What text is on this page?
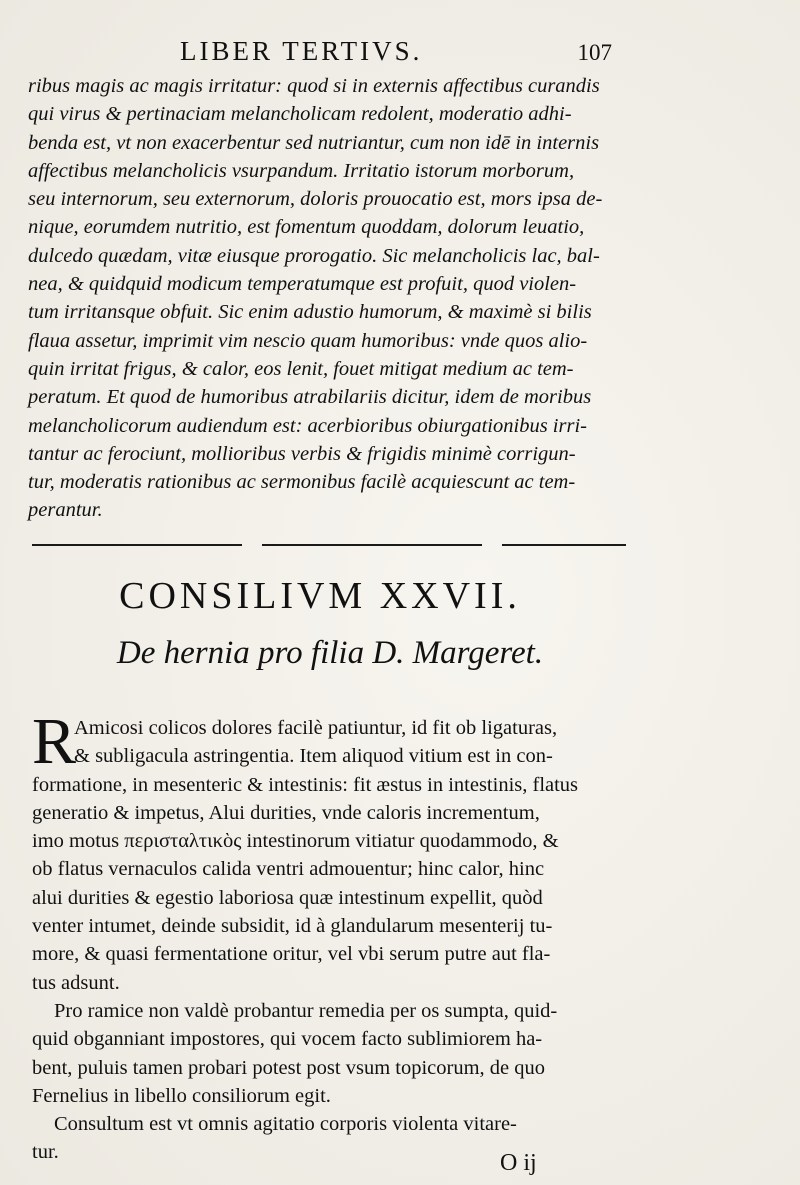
LIBER TERTIVS.	107
ribus magis ac magis irritatur: quod si in externis affectibus curandis
qui virus & pertinaciam melancholicam redolent, moderatio adhi-
benda est, vt non exacerbentur sed nutriantur, cum non idē in internis
affectibus melancholicis vsurpandum. Irritatio istorum morborum,
seu internorum, seu externorum, doloris prouocatio est, mors ipsa de-
nique, eorumdem nutritio, est fomentum quoddam, dolorum leuatio,
dulcedo quædam, vitæ eiusque prorogatio. Sic melancholicis lac, bal-
nea, & quidquid modicum temperatumque est profuit, quod violen-
tum irritansque obfuit. Sic enim adustio humorum, & maximè si bilis
flaua assetur, imprimit vim nescio quam humoribus: vnde quos alio-
quin irritat frigus, & calor, eos lenit, fouet mitigat medium ac tem-
peratum. Et quod de humoribus atrabilariis dicitur, idem de moribus
melancholicorum audiendum est: acerbioribus obiurgationibus irri-
tantur ac ferociunt, mollioribus verbis & frigidis minimè corrigun-
tur, moderatis rationibus ac sermonibus facilè acquiescunt ac tem-
perantur.
CONSILIVM XXVII.
De hernia pro filia D. Margeret.
R
Amicosi colicos dolores facilè patiuntur, id fit ob ligaturas,
& subligacula astringentia. Item aliquod vitium est in con-
formatione, in mesenteric & intestinis: fit æstus in intestinis, flatus
generatio & impetus, Alui durities, vnde caloris incrementum,
imo motus περισταλτικὸς intestinorum vitiatur quodammodo, &
ob flatus vernaculos calida ventri admouentur; hinc calor, hinc
alui durities & egestio laboriosa quæ intestinum expellit, quòd
venter intumet, deinde subsidit, id à glandularum mesenterij tu-
more, & quasi fermentatione oritur, vel vbi serum putre aut fla-
tus adsunt.
Pro ramice non valdè probantur remedia per os sumpta, quid-
quid obganniant impostores, qui vocem facto sublimiorem ha-
bent, puluis tamen probari potest post vsum topicorum, de quo
Fernelius in libello consiliorum egit.
Consultum est vt omnis agitatio corporis violenta vitare-
tur.	O ij
